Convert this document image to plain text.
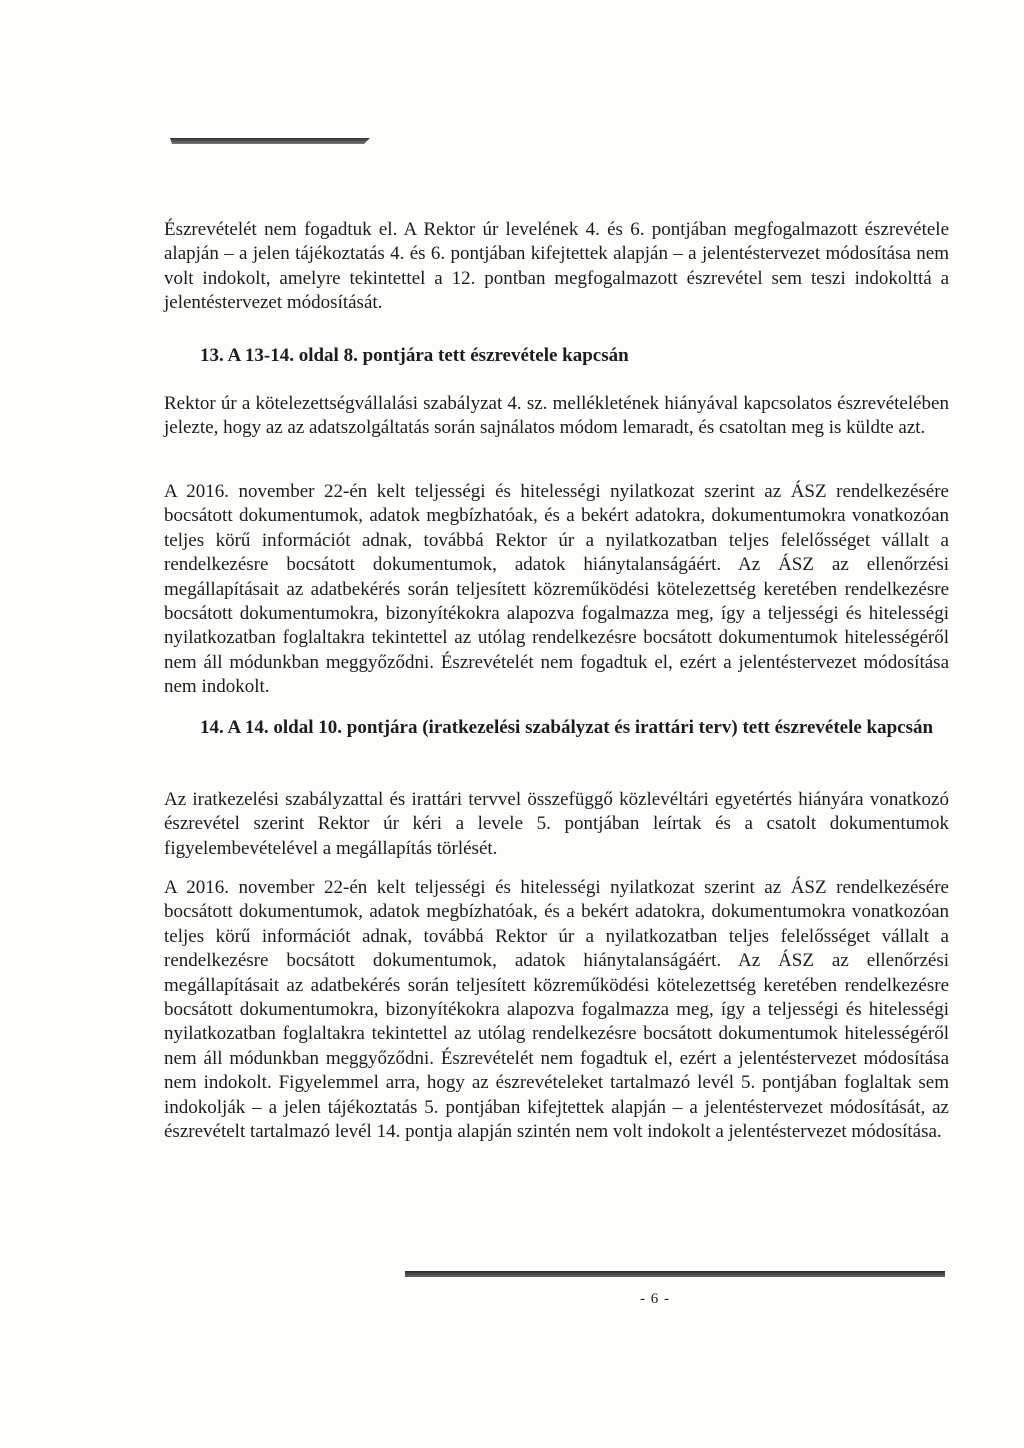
Észrevételét nem fogadtuk el. A Rektor úr levelének 4. és 6. pontjában megfogalmazott észrevétele alapján – a jelen tájékoztatás 4. és 6. pontjában kifejtettek alapján – a jelentéstervezet módosítása nem volt indokolt, amelyre tekintettel a 12. pontban megfogalmazott észrevétel sem teszi indokolttá a jelentéstervezet módosítását.

13. A 13-14. oldal 8. pontjára tett észrevétele kapcsán

Rektor úr a kötelezettségvállalási szabályzat 4. sz. mellékletének hiányával kapcsolatos észrevételében jelezte, hogy az az adatszolgáltatás során sajnálatos módom lemaradt, és csatoltan meg is küldte azt.

A 2016. november 22-én kelt teljességi és hitelességi nyilatkozat szerint az ÁSZ rendelkezésére bocsátott dokumentumok, adatok megbízhatóak, és a bekért adatokra, dokumentumokra vonatkozóan teljes körű információt adnak, továbbá Rektor úr a nyilatkozatban teljes felelősséget vállalt a rendelkezésre bocsátott dokumentumok, adatok hiánytalanságáért. Az ÁSZ az ellenőrzési megállapításait az adatbekérés során teljesített közreműködési kötelezettség keretében rendelkezésre bocsátott dokumentumokra, bizonyítékokra alapozva fogalmazza meg, így a teljességi és hitelességi nyilatkozatban foglaltakra tekintettel az utólag rendelkezésre bocsátott dokumentumok hitelességéről nem áll módunkban meggyőződni. Észrevételét nem fogadtuk el, ezért a jelentéstervezet módosítása nem indokolt.

14. A 14. oldal 10. pontjára (iratkezelési szabályzat és irattári terv) tett észrevétele kapcsán

Az iratkezelési szabályzattal és irattári tervvel összefüggő közlevéltári egyetértés hiányára vonatkozó észrevétel szerint Rektor úr kéri a levele 5. pontjában leírtak és a csatolt dokumentumok figyelembevételével a megállapítás törlését.

A 2016. november 22-én kelt teljességi és hitelességi nyilatkozat szerint az ÁSZ rendelkezésére bocsátott dokumentumok, adatok megbízhatóak, és a bekért adatokra, dokumentumokra vonatkozóan teljes körű információt adnak, továbbá Rektor úr a nyilatkozatban teljes felelősséget vállalt a rendelkezésre bocsátott dokumentumok, adatok hiánytalanságáért. Az ÁSZ az ellenőrzési megállapításait az adatbekérés során teljesített közreműködési kötelezettség keretében rendelkezésre bocsátott dokumentumokra, bizonyítékokra alapozva fogalmazza meg, így a teljességi és hitelességi nyilatkozatban foglaltakra tekintettel az utólag rendelkezésre bocsátott dokumentumok hitelességéről nem áll módunkban meggyőződni. Észrevételét nem fogadtuk el, ezért a jelentéstervezet módosítása nem indokolt. Figyelemmel arra, hogy az észrevételeket tartalmazó levél 5. pontjában foglaltak sem indokolják – a jelen tájékoztatás 5. pontjában kifejtettek alapján – a jelentéstervezet módosítását, az észrevételt tartalmazó levél 14. pontja alapján szintén nem volt indokolt a jelentéstervezet módosítása.

- 6 -
